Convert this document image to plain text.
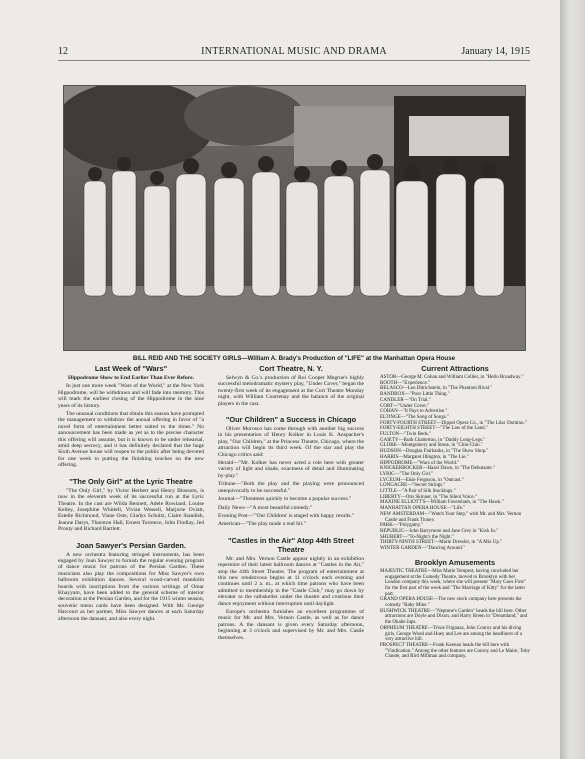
12	INTERNATIONAL MUSIC AND DRAMA	January 14, 1915
BILL REID AND THE SOCIETY GIRLS—William A. Brady's Production of "LIFE" at the Manhattan Opera House
Last Week of "Wars"
Hippodrome Show to End Earlier Than Ever Before.
In just one more week "Wars of the World," at the New York Hippodrome, will be withdrawn and will fade into memory. This will mark the earliest closing of the Hippodrome in the nine years of its history.
The unusual conditions that obtain this season have prompted the management to withdraw the annual offering in favor of "a novel form of entertainment better suited to the times." No announcement has been made as yet as to the precise character this offering will assume, but it is known to be under rehearsal, amid deep secrecy, and it has definitely declared that the huge Sixth Avenue house will reopen to the public after being devoted for one week to putting the finishing touches on the new offering.
"The Only Girl" at the Lyric Theatre
"The Only Girl," by Victor Herbert and Henry Blossom, is now in the eleventh week of its successful run at the Lyric Theatre. In the cast are Wilda Bennett, Adele Rowland, Louise Kelley, Josephine Whittell, Vivian Wessell, Marjorie Oviatt, Estelle Richmond, Viane Oste, Gladys Schultz, Claire Standish, Jeanne Darys, Thurston Hall, Ernest Torrence, John Findlay, Jed Prouty and Richard Bartlett.
Joan Sawyer's Persian Garden.
A new orchestra featuring stringed instruments, has been engaged by Joan Sawyer to furnish the regular evening program of dance music for patrons of the Persian Garden. These musicians also play the compositions for Miss Sawyer's own ballroom exhibition dances. Several wood-carved mandolin boards with inscriptions from the various writings of Omar Khayyam, have been added to the general scheme of interior decoration at the Persian Garden, and for the 1915 winter season, souvenir menu cards have been designed. With Mr. George Harcourt as her partner, Miss Sawyer dances at each Saturday afternoon the dansant, and also every night.
Cort Theatre, N. Y.
Selwyn & Co.'s production of Roi Cooper Megrue's highly successful melodramatic mystery play, "Under Cover," began the twenty-first week of its engagement at the Cort Theatre Monday night, with William Courtenay and the balance of the original players in the cast.
"Our Children" a Success in Chicago
Oliver Morosco has come through with another big success in his presentation of Henry Kolker in Louis K. Anspacher's play, "Our Children," at the Princess Theatre, Chicago, where the attraction will begin its third week. Of the star and play the Chicago critics said:
Herald—"Mr. Kolker has never acted a role here with greater variety of light and shade, exactness of detail and illuminating by-play."
Tribune—"Both the play and the playing were pronounced unequivocally to be successful."
Journal—"Threatens quickly to become a popular success."
Daily News—"A most beautiful comedy."
Evening Post—"'Our Children' is staged with happy results."
American—"The play made a real hit."
"Castles in the Air" Atop 44th Street Theatre
Mr. and Mrs. Vernon Castle appear nightly in an exhibition repertoire of their latest ballroom dances at "Castles in the Air," atop the 44th Street Theatre. The program of entertainment at this new rendezvous begins at 11 o'clock each evening and continues until 2 a. m., at which time patrons who have been admitted to membership in the "Castle Club," may go down by elevator to the rathskeller under the theatre and continue their dance enjoyment without interruption until daylight.
Europe's orchestra furnishes an excellent programme of music for Mr. and Mrs. Vernon Castle, as well as for dance patrons. A the dansant is given every Saturday afternoon, beginning at 3 o'clock and supervised by Mr. and Mrs. Castle themselves.
Current Attractions
ASTOR—George M. Cohan and William Collier, in "Hello Broadway."
BOOTH—"Experience."
BELASCO—Leo Ditrichstein, in "The Phantom Rival."
BANDBOX—"Poor Little Thing."
CANDLER—"On Trial."
CORT—"Under Cover."
COHAN—"It Pays to Advertise."
ELTINGE—"The Song of Songs."
FORTY-FOURTH STREET—Dippel Opera Co., in "The Lilac Domino."
FORTY-EIGHTH STREET—"The Law of the Land."
FULTON—"Twin Beds."
GAIETY—Ruth Chatterton, in "Daddy Long-Legs."
GLOBE—Montgomery and Stone, in "Chin-Chin."
HUDSON—Douglas Fairbanks, in "The Show Shop."
HARRIS—Margaret Illington, in "The Lie."
HIPPODROME—"Wars of the World."
KNICKERBOCKER—Hazel Dawn, in "The Debutante."
LYRIC—"The Only Girl."
LYCEUM—Elsie Ferguson, in "Outcast."
LONGACRE—"Secret Strings."
LITTLE—"A Pair of Silk Stockings."
LIBERTY—Otis Skinner, in "The Silent Voice."
MAXINE ELLIOTT'S—William Faversham, in "The Hawk."
MANHATTAN OPERA HOUSE—"Life."
NEW AMSTERDAM—"Watch Your Step," with Mr. and Mrs. Vernon Castle and Frank Tinney.
PARK—"Polygamy."
REPUBLIC—John Barrymore and Jane Grey in "Kick In."
SHUBERT—"To-Night's the Night."
THIRTY-NINTH STREET—Marie Dressler, in "A Mix Up."
WINTER GARDEN—"Dancing Around."
Brooklyn Amusements
MAJESTIC THEATRE—Miss Marie Tempest, having concluded her engagement at the Comedy Theatre, moved to Brooklyn with her London company this week, where she will present "Mary Goes First" for the first part of the week and "The Marriage of Kitty" for the latter part.
GRAND OPERA HOUSE—The new stock company here presents the comedy "Baby Mine."
BUSHWICK THEATRE—"Neptune's Garden" heads the bill here. Other attractions are Doyle and Dixon, and Harry Breen in "Dreamland," and the Okabe Japs.
ORPHEUM THEATRE—Trixie Friganza, John Conroy and his diving girls, George Wood and Huey and Lee are among the headliners of a very attractive bill.
PROSPECT THEATRE—Frank Keenan heads the bill here with "Vindication." Among the other features are Conroy and Le Maire, Toby Claude, and Bird Millman and company.
